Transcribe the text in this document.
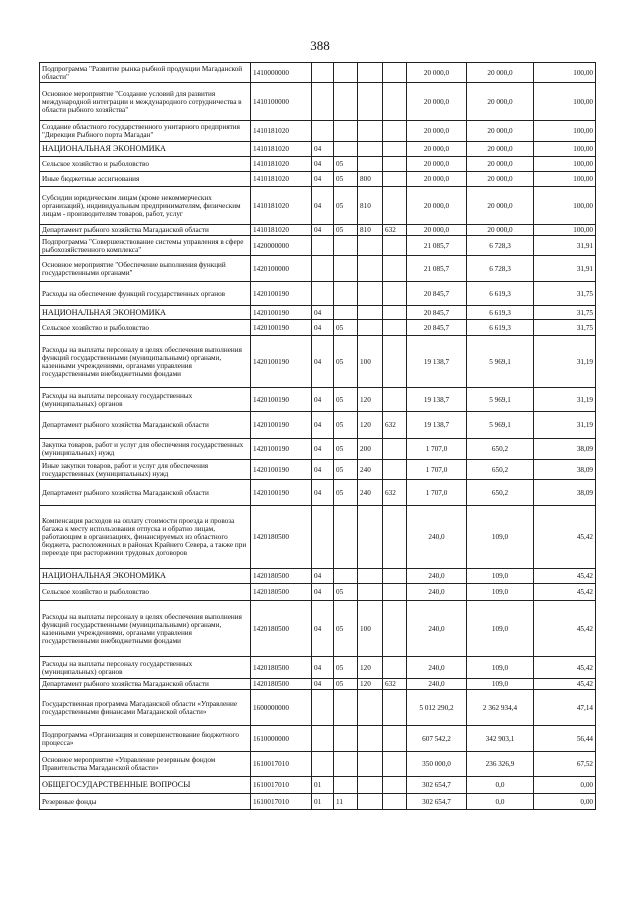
388
Подпрограмма "Развитие рынка рыбной продукции Магаданской области"	1410000000					20 000,0	20 000,0	100,00
Основное мероприятие "Создание условий для развития международной интеграции и международного сотрудничества в области рыбного хозяйства"	1410100000					20 000,0	20 000,0	100,00
Создание областного государственного унитарного предприятия "Дирекция Рыбного порта Магадан"	1410181020					20 000,0	20 000,0	100,00
НАЦИОНАЛЬНАЯ ЭКОНОМИКА	1410181020	04				20 000,0	20 000,0	100,00
Сельское хозяйство и рыболовство	1410181020	04	05			20 000,0	20 000,0	100,00
Иные бюджетные ассигнования	1410181020	04	05	800		20 000,0	20 000,0	100,00
Субсидии юридическим лицам (кроме некоммерческих организаций), индивидуальным предпринимателям, физическим лицам - производителям товаров, работ, услуг	1410181020	04	05	810		20 000,0	20 000,0	100,00
Департамент рыбного хозяйства Магаданской области	1410181020	04	05	810	632	20 000,0	20 000,0	100,00
Подпрограмма "Совершенствование системы управления в сфере рыбохозяйственного комплекса"	1420000000					21 085,7	6 728,3	31,91
Основное мероприятие "Обеспечение выполнения функций государственными органами"	1420100000					21 085,7	6 728,3	31,91
Расходы на обеспечение функций государственных органов	1420100190					20 845,7	6 619,3	31,75
НАЦИОНАЛЬНАЯ ЭКОНОМИКА	1420100190	04				20 845,7	6 619,3	31,75
Сельское хозяйство и рыболовство	1420100190	04	05			20 845,7	6 619,3	31,75
Расходы на выплаты персоналу в целях обеспечения выполнения функций государственными (муниципальными) органами, казенными учреждениями, органами управления государственными внебюджетными фондами	1420100190	04	05	100		19 138,7	5 969,1	31,19
Расходы на выплаты персоналу государственных (муниципальных) органов	1420100190	04	05	120		19 138,7	5 969,1	31,19
Департамент рыбного хозяйства Магаданской области	1420100190	04	05	120	632	19 138,7	5 969,1	31,19
Закупка товаров, работ и услуг для обеспечения государственных (муниципальных) нужд	1420100190	04	05	200		1 707,0	650,2	38,09
Иные закупки товаров, работ и услуг для обеспечения государственных (муниципальных) нужд	1420100190	04	05	240		1 707,0	650,2	38,09
Департамент рыбного хозяйства Магаданской области	1420100190	04	05	240	632	1 707,0	650,2	38,09
Компенсация расходов на оплату стоимости проезда и провоза багажа к месту использования отпуска и обратно лицам, работающим в организациях, финансируемых из областного бюджета, расположенных в районах Крайнего Севера, а также при переезде при расторжении трудовых договоров	1420180500					240,0	109,0	45,42
НАЦИОНАЛЬНАЯ ЭКОНОМИКА	1420180500	04				240,0	109,0	45,42
Сельское хозяйство и рыболовство	1420180500	04	05			240,0	109,0	45,42
Расходы на выплаты персоналу в целях обеспечения выполнения функций государственными (муниципальными) органами, казенными учреждениями, органами управления государственными внебюджетными фондами	1420180500	04	05	100		240,0	109,0	45,42
Расходы на выплаты персоналу государственных (муниципальных) органов	1420180500	04	05	120		240,0	109,0	45,42
Департамент рыбного хозяйства Магаданской области	1420180500	04	05	120	632	240,0	109,0	45,42
Государственная программа Магаданской области «Управление государственными финансами Магаданской области»	1600000000					5 012 290,2	2 362 934,4	47,14
Подпрограмма «Организация и совершенствование бюджетного процесса»	1610000000					607 542,2	342 903,1	56,44
Основное мероприятие «Управление резервным фондом Правительства Магаданской области»	1610017010					350 000,0	236 326,9	67,52
ОБЩЕГОСУДАРСТВЕННЫЕ ВОПРОСЫ	1610017010	01				302 654,7	0,0	0,00
Резервные фонды	1610017010	01	11			302 654,7	0,0	0,00
